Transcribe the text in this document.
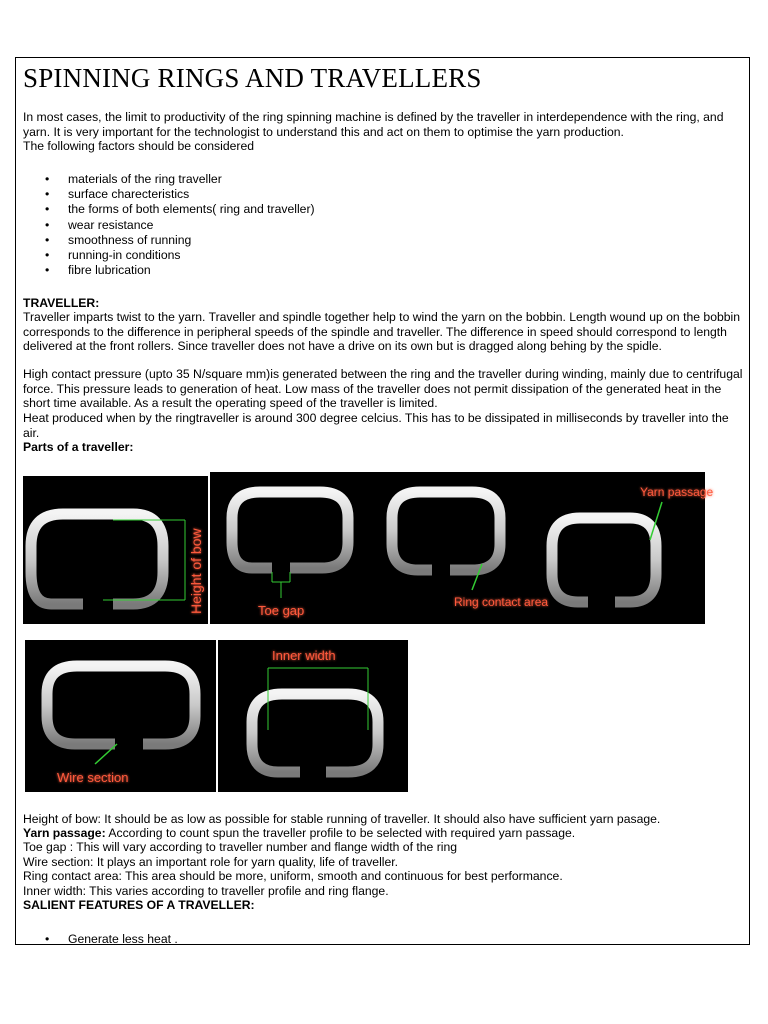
SPINNING RINGS AND TRAVELLERS
In most cases, the limit to productivity of the ring spinning machine is defined by the traveller in interdependence with the ring, and yarn. It is very important for the technologist to understand this and act on them to optimise the yarn production.
The following factors should be considered
• materials of the ring traveller
• surface charecteristics
• the forms of both elements( ring and traveller)
• wear resistance
• smoothness of running
• running-in conditions
• fibre lubrication
TRAVELLER:
Traveller imparts twist to the yarn. Traveller and spindle together help to wind the yarn on the bobbin. Length wound up on the bobbin corresponds to the difference in peripheral speeds of the spindle and traveller. The difference in speed should correspond to length delivered at the front rollers. Since traveller does not have a drive on its own but is dragged along behing by the spidle.
High contact pressure (upto 35 N/square mm)is generated between the ring and the traveller during winding, mainly due to centrifugal force. This pressure leads to generation of heat. Low mass of the traveller does not permit dissipation of the generated heat in the short time available. As a result the operating speed of the traveller is limited.
Heat produced when by the ringtraveller is around 300 degree celcius. This has to be dissipated in milliseconds by traveller into the air.
Parts of a traveller:
Height of bow	Toe gap
Ring contact area
Yarn passage
Wire section
Inner width
Height of bow: It should be as low as possible for stable running of traveller. It should also have sufficient yarn pasage.
Yarn passage: According to count spun the traveller profile to be selected with required yarn passage.
Toe gap : This will vary according to traveller number and flange width of the ring
Wire section: It plays an important role for yarn quality, life of traveller.
Ring contact area: This area should be more, uniform, smooth and continuous for best performance.
Inner width: This varies according to traveller profile and ring flange.
SALIENT FEATURES OF A TRAVELLER:
• Generate less heat .
